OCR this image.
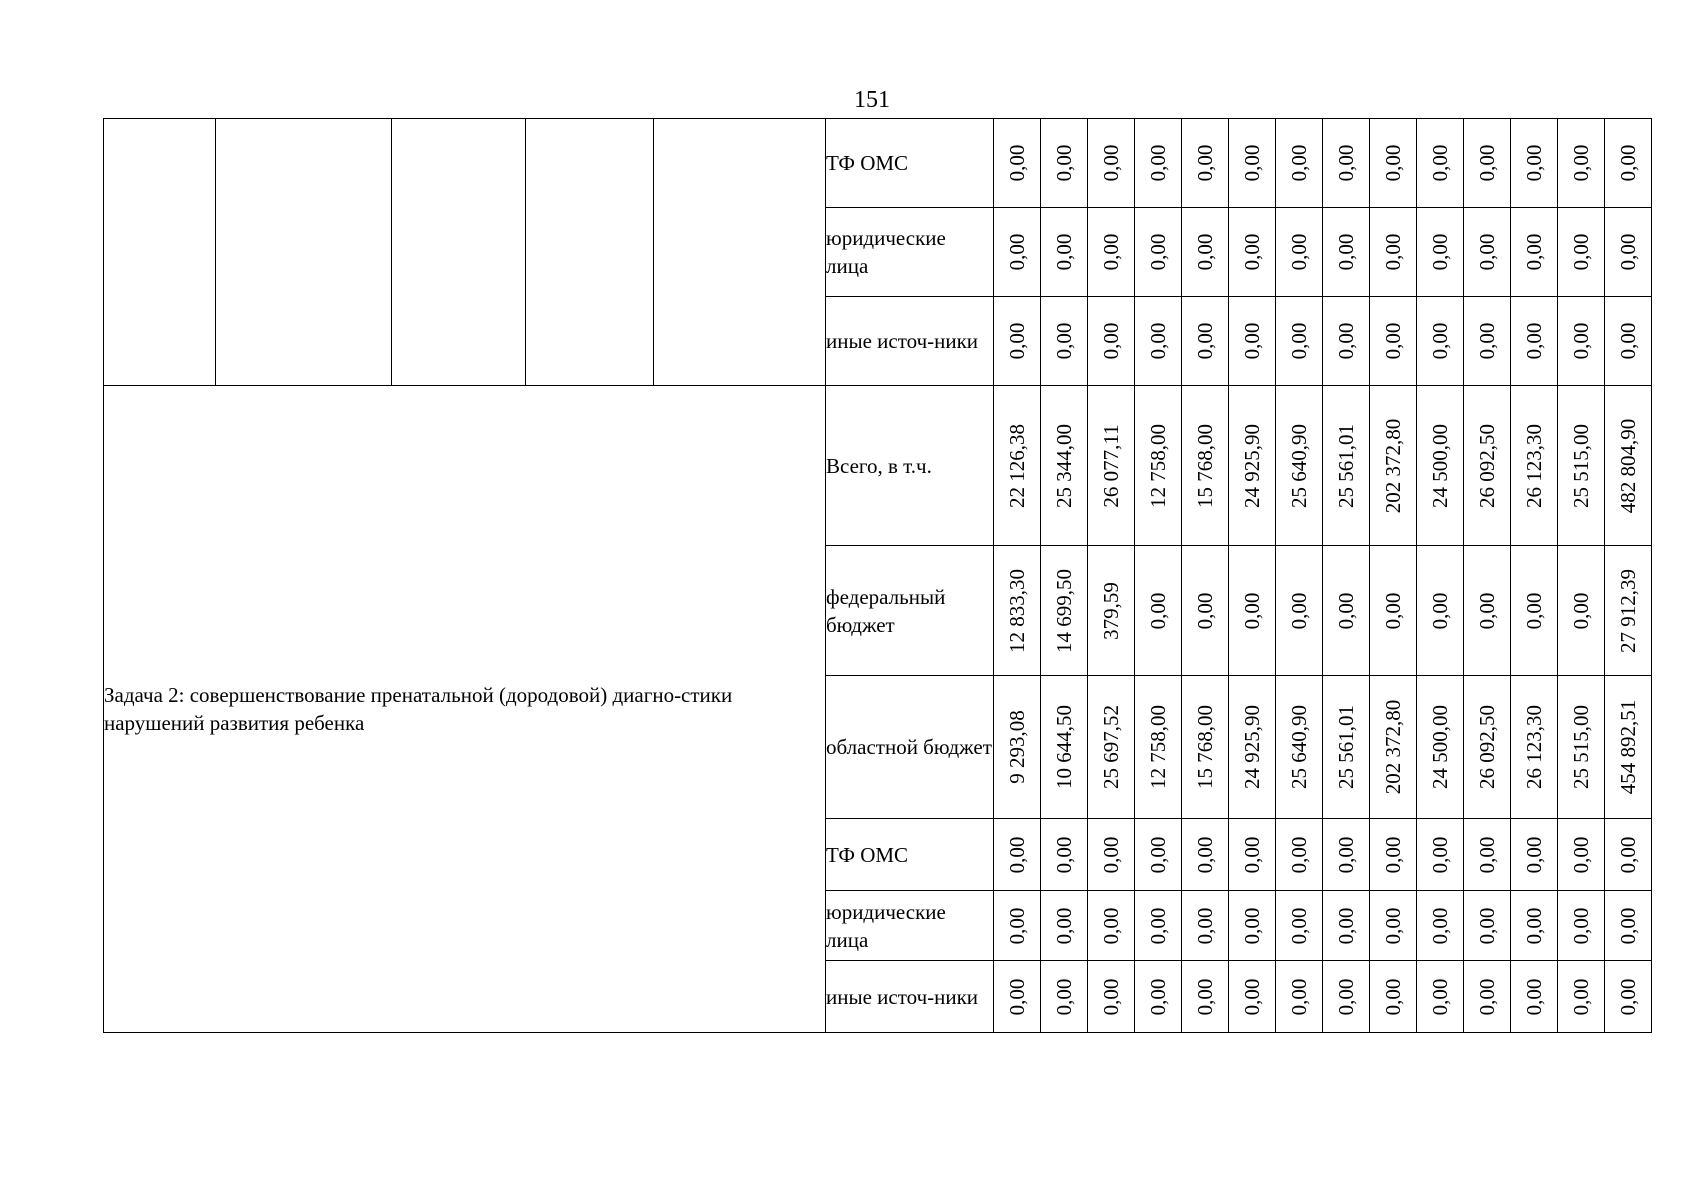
151
					ТФ ОМС	0,00	0,00	0,00	0,00	0,00	0,00	0,00	0,00	0,00	0,00	0,00	0,00	0,00	0,00

					юридические лица	0,00	0,00	0,00	0,00	0,00	0,00	0,00	0,00	0,00	0,00	0,00	0,00	0,00	0,00

					иные источ-ники	0,00	0,00	0,00	0,00	0,00	0,00	0,00	0,00	0,00	0,00	0,00	0,00	0,00	0,00

Задача 2: совершенствование пренатальной (дородовой) диагно-стики нарушений развития ребенка					Всего, в т.ч.	22 126,38	25 344,00	26 077,11	12 758,00	15 768,00	24 925,90	25 640,90	25 561,01	202 372,80	24 500,00	26 092,50	26 123,30	25 515,00	482 804,90

					федеральный бюджет	12 833,30	14 699,50	379,59	0,00	0,00	0,00	0,00	0,00	0,00	0,00	0,00	0,00	0,00	27 912,39

					областной бюджет	9 293,08	10 644,50	25 697,52	12 758,00	15 768,00	24 925,90	25 640,90	25 561,01	202 372,80	24 500,00	26 092,50	26 123,30	25 515,00	454 892,51

					ТФ ОМС	0,00	0,00	0,00	0,00	0,00	0,00	0,00	0,00	0,00	0,00	0,00	0,00	0,00	0,00

					юридические лица	0,00	0,00	0,00	0,00	0,00	0,00	0,00	0,00	0,00	0,00	0,00	0,00	0,00	0,00

					иные источ-ники	0,00	0,00	0,00	0,00	0,00	0,00	0,00	0,00	0,00	0,00	0,00	0,00	0,00	0,00
